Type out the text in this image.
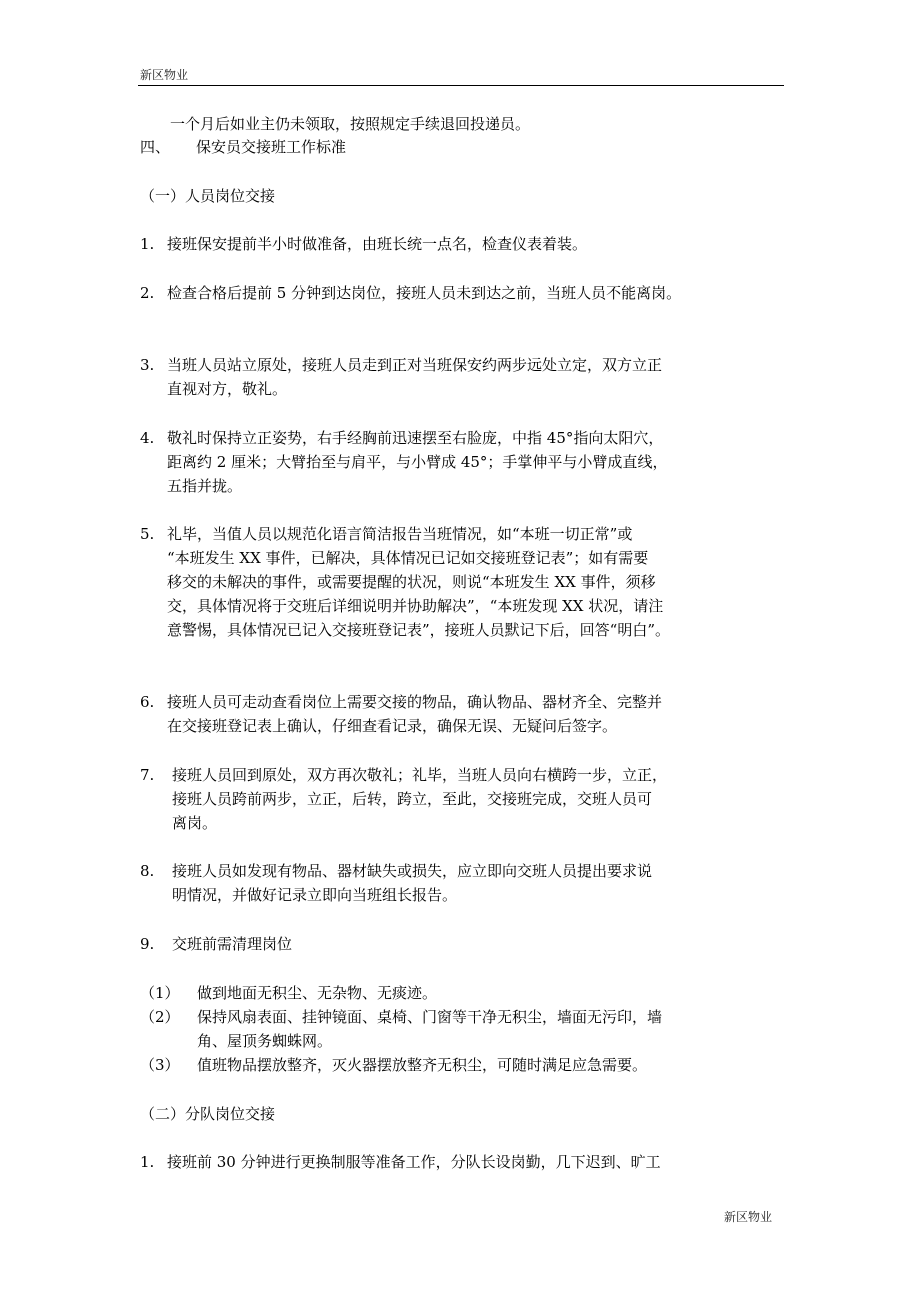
新区物业
一个月后如业主仍未领取，按照规定手续退回投递员。
四、 保安员交接班工作标准
（一）人员岗位交接
1. 接班保安提前半小时做准备，由班长统一点名，检查仪表着装。
2. 检查合格后提前 5 分钟到达岗位，接班人员未到达之前，当班人员不能离岗。
3. 当班人员站立原处，接班人员走到正对当班保安约两步远处立定，双方立正
直视对方，敬礼。
4. 敬礼时保持立正姿势，右手经胸前迅速摆至右脸庞，中指 45°指向太阳穴，
距离约 2 厘米；大臂抬至与肩平，与小臂成 45°；手掌伸平与小臂成直线，
五指并拢。
5. 礼毕，当值人员以规范化语言简洁报告当班情况，如“本班一切正常”或
“本班发生 XX 事件，已解决，具体情况已记如交接班登记表”；如有需要
移交的未解决的事件，或需要提醒的状况，则说“本班发生 XX 事件，须移
交，具体情况将于交班后详细说明并协助解决”，“本班发现 XX 状况，请注
意警惕，具体情况已记入交接班登记表”，接班人员默记下后，回答“明白”。
6. 接班人员可走动查看岗位上需要交接的物品，确认物品、器材齐全、完整并
在交接班登记表上确认，仔细查看记录，确保无误、无疑问后签字。
7. 接班人员回到原处，双方再次敬礼；礼毕，当班人员向右横跨一步，立正，
接班人员跨前两步，立正，后转，跨立，至此，交接班完成，交班人员可
离岗。
8. 接班人员如发现有物品、器材缺失或损失，应立即向交班人员提出要求说
明情况，并做好记录立即向当班组长报告。
9. 交班前需清理岗位
（1） 做到地面无积尘、无杂物、无痰迹。
（2） 保持风扇表面、挂钟镜面、桌椅、门窗等干净无积尘，墙面无污印，墙
角、屋顶务蜘蛛网。
（3） 值班物品摆放整齐，灭火器摆放整齐无积尘，可随时满足应急需要。
（二）分队岗位交接
1. 接班前 30 分钟进行更换制服等准备工作，分队长设岗勤，几下迟到、旷工
新区物业
